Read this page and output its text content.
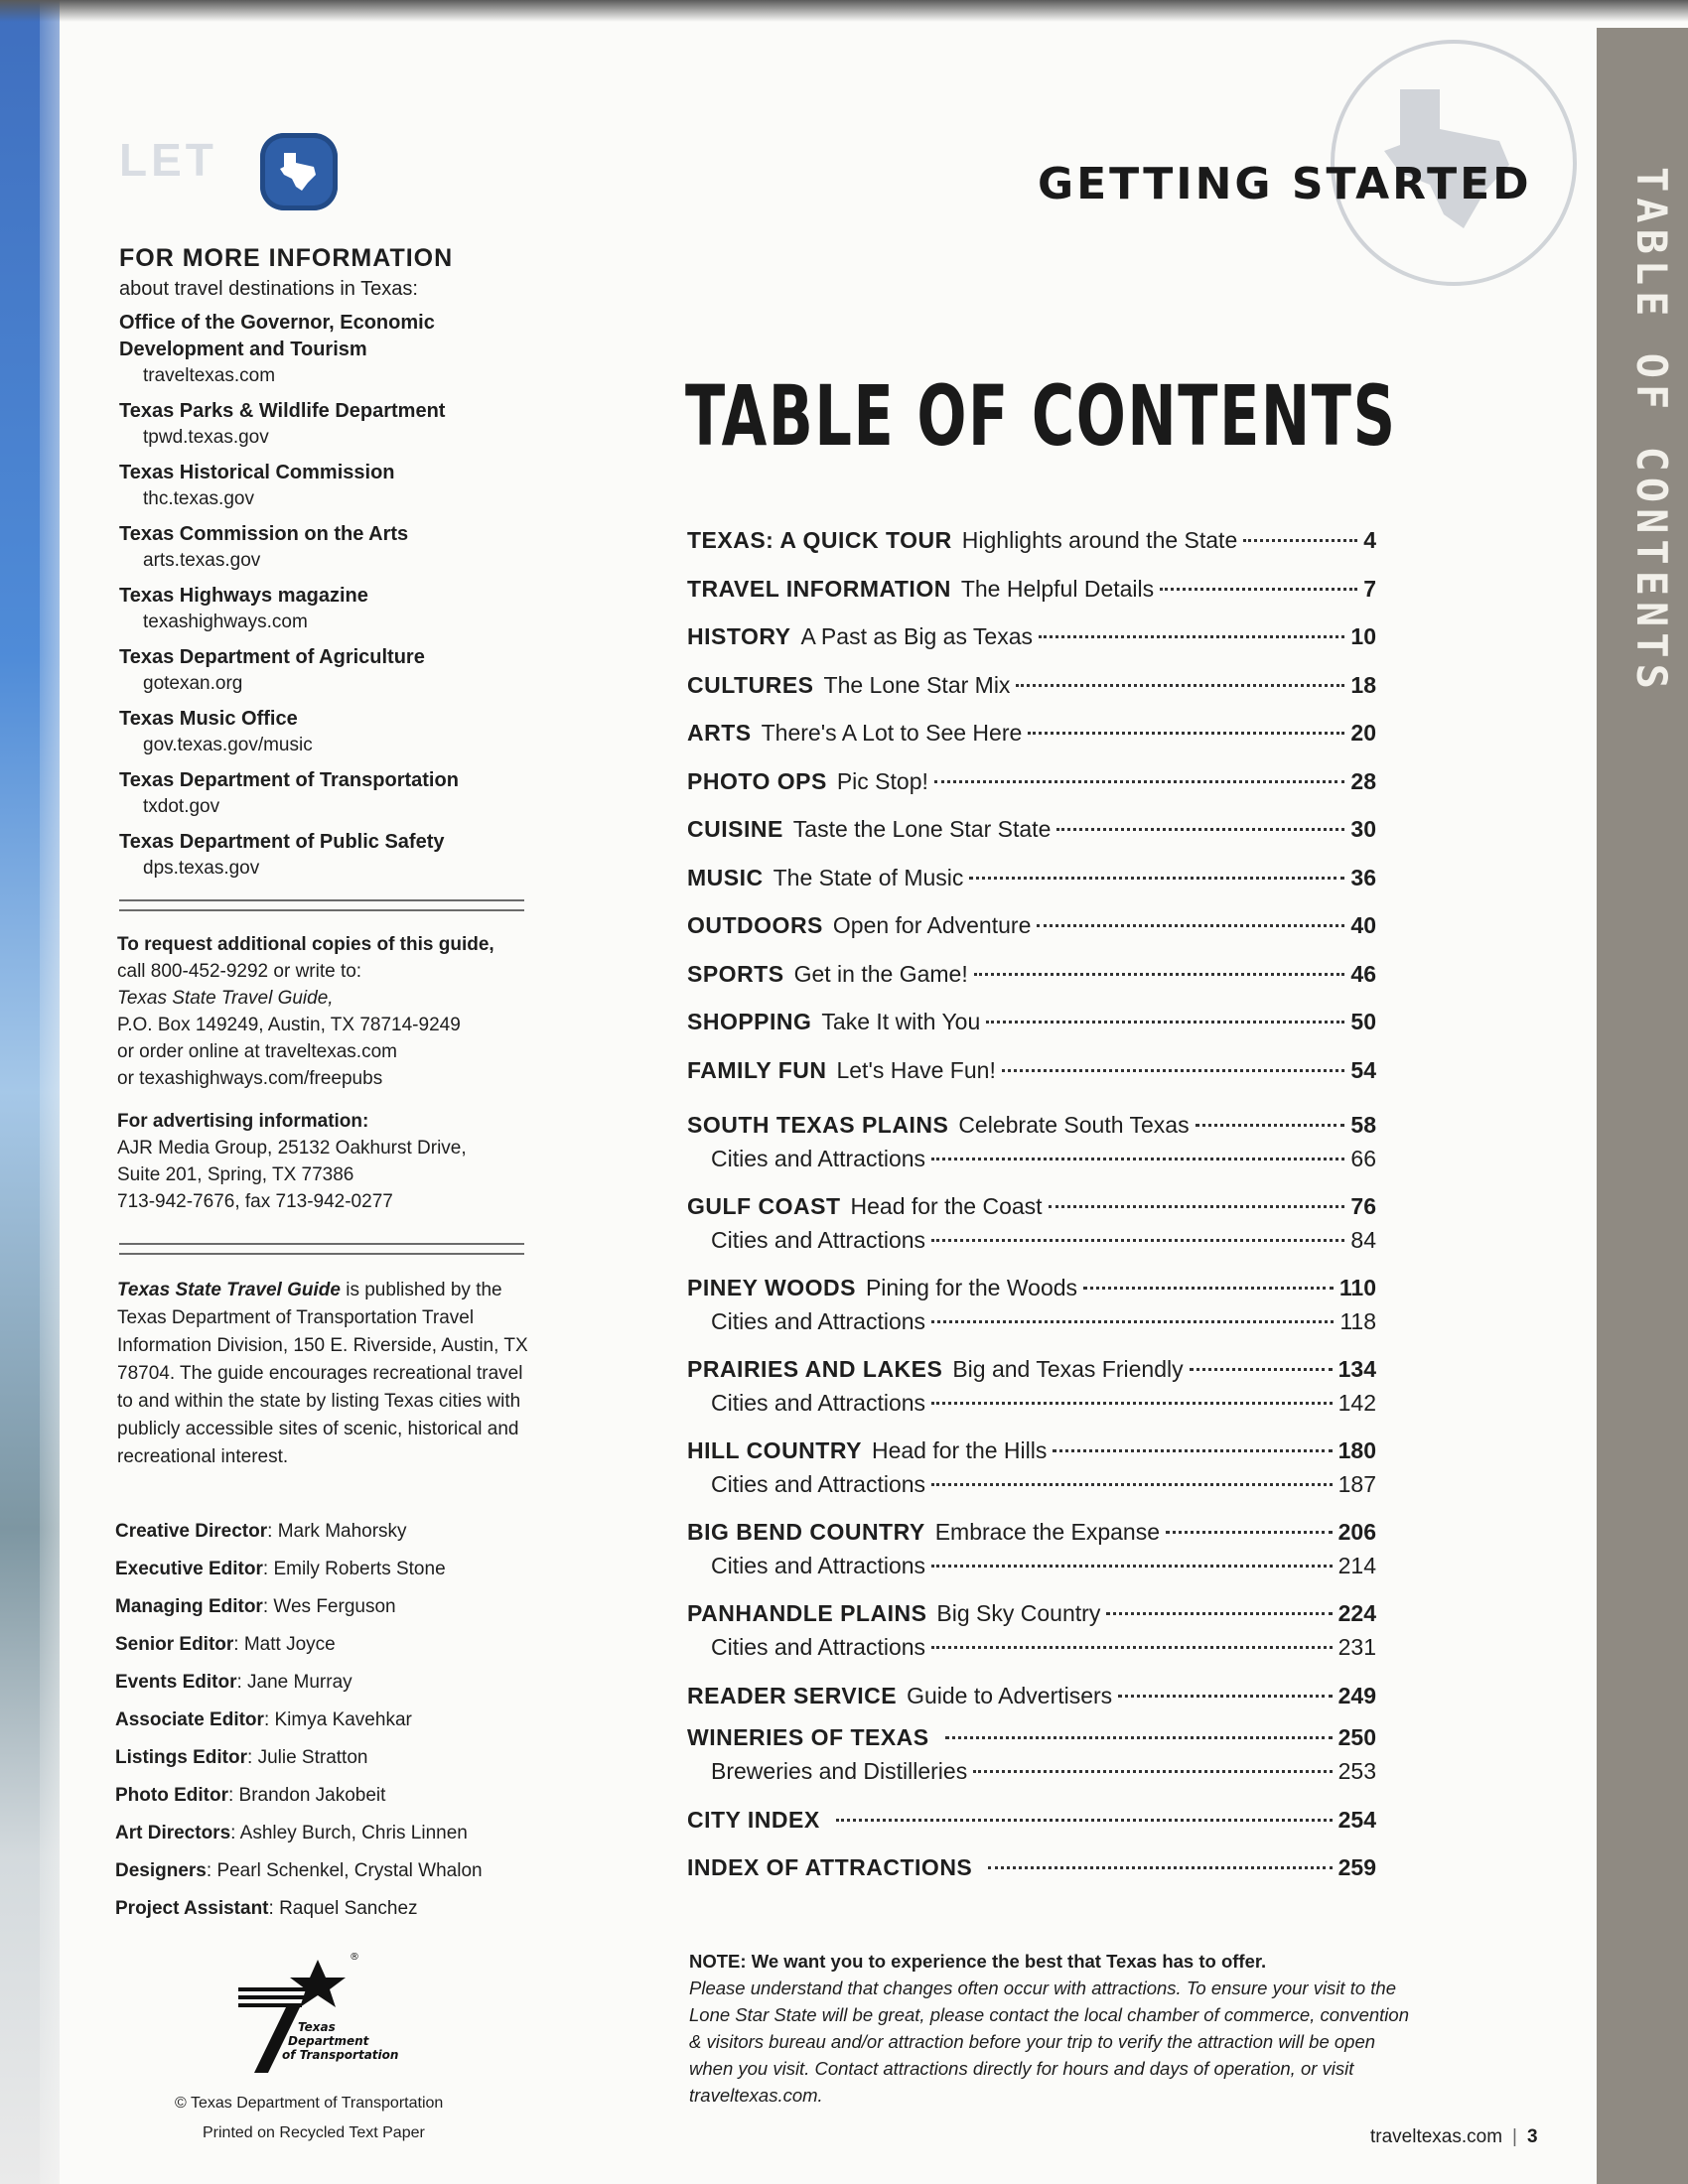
TABLE OF CONTENTS
LET
FOR MORE INFORMATION
about travel destinations in Texas:
Office of the Governor, Economic Development and Tourism
traveltexas.com
Texas Parks & Wildlife Department
tpwd.texas.gov
Texas Historical Commission
thc.texas.gov
Texas Commission on the Arts
arts.texas.gov
Texas Highways magazine
texashighways.com
Texas Department of Agriculture
gotexan.org
Texas Music Office
gov.texas.gov/music
Texas Department of Transportation
txdot.gov
Texas Department of Public Safety
dps.texas.gov
To request additional copies of this guide,
call 800-452-9292 or write to:
Texas State Travel Guide,
P.O. Box 149249, Austin, TX 78714-9249
or order online at traveltexas.com
or texashighways.com/freepubs
For advertising information:
AJR Media Group, 25132 Oakhurst Drive,
Suite 201, Spring, TX 77386
713-942-7676, fax 713-942-0277
Texas State Travel Guide is published by the Texas Department of Transportation Travel Information Division, 150 E. Riverside, Austin, TX 78704. The guide encourages recreational travel to and within the state by listing Texas cities with publicly accessible sites of scenic, historical and recreational interest.
Creative Director: Mark Mahorsky
Executive Editor: Emily Roberts Stone
Managing Editor: Wes Ferguson
Senior Editor: Matt Joyce
Events Editor: Jane Murray
Associate Editor: Kimya Kavehkar
Listings Editor: Julie Stratton
Photo Editor: Brandon Jakobeit
Art Directors: Ashley Burch, Chris Linnen
Designers: Pearl Schenkel, Crystal Whalon
Project Assistant: Raquel Sanchez
®
Texas
Department
of Transportation
© Texas Department of Transportation
Printed on Recycled Text Paper
GETTING STARTED
TABLE OF CONTENTS
TEXAS: A QUICK TOUR Highlights around the State	4
TRAVEL INFORMATION The Helpful Details	7
HISTORY A Past as Big as Texas	10
CULTURES The Lone Star Mix	18
ARTS There's A Lot to See Here	20
PHOTO OPS Pic Stop!	28
CUISINE Taste the Lone Star State	30
MUSIC The State of Music	36
OUTDOORS Open for Adventure	40
SPORTS Get in the Game!	46
SHOPPING Take It with You	50
FAMILY FUN Let's Have Fun!	54
SOUTH TEXAS PLAINS Celebrate South Texas	58
Cities and Attractions	66
GULF COAST Head for the Coast	76
Cities and Attractions	84
PINEY WOODS Pining for the Woods	110
Cities and Attractions	118
PRAIRIES AND LAKES Big and Texas Friendly	134
Cities and Attractions	142
HILL COUNTRY Head for the Hills	180
Cities and Attractions	187
BIG BEND COUNTRY Embrace the Expanse	206
Cities and Attractions	214
PANHANDLE PLAINS Big Sky Country	224
Cities and Attractions	231
READER SERVICE Guide to Advertisers	249
WINERIES OF TEXAS	250
Breweries and Distilleries	253
CITY INDEX	254
INDEX OF ATTRACTIONS	259
NOTE: We want you to experience the best that Texas has to offer.
Please understand that changes often occur with attractions. To ensure your visit to the Lone Star State will be great, please contact the local chamber of commerce, convention & visitors bureau and/or attraction before your trip to verify the attraction will be open when you visit. Contact attractions directly for hours and days of operation, or visit traveltexas.com.
traveltexas.com | 3
